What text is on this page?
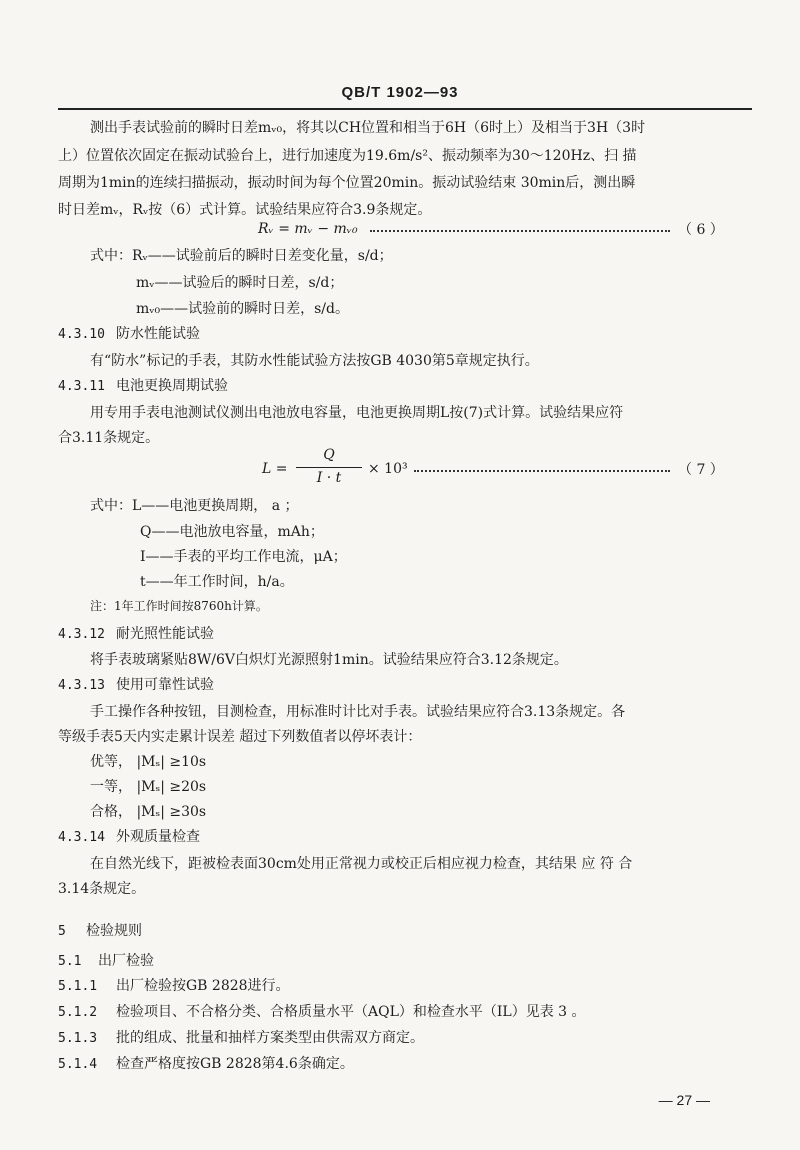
QB/T 1902—93
测出手表试验前的瞬时日差mᵥ₀，将其以CH位置和相当于6H（6时上）及相当于3H（3时
上）位置依次固定在振动试验台上，进行加速度为19.6m/s²、振动频率为30～120Hz、扫 描
周期为1min的连续扫描振动，振动时间为每个位置20min。振动试验结束 30min后，测出瞬
时日差mᵥ，Rᵥ按（6）式计算。试验结果应符合3.9条规定。
Rᵥ = mᵥ − mᵥ₀	（ 6 ）
式中：Rᵥ——试验前后的瞬时日差变化量，s/d；
mᵥ——试验后的瞬时日差，s/d；
mᵥ₀——试验前的瞬时日差，s/d。
4.3.10 防水性能试验
有“防水”标记的手表，其防水性能试验方法按GB 4030第5章规定执行。
4.3.11 电池更换周期试验
用专用手表电池测试仪测出电池放电容量，电池更换周期L按(7)式计算。试验结果应符
合3.11条规定。
L =
Q
I · t
× 10³	（ 7 ）
式中：L——电池更换周期， a ；
Q——电池放电容量，mAh；
I——手表的平均工作电流，μA；
t——年工作时间，h/a。
注：1年工作时间按8760h计算。
4.3.12 耐光照性能试验
将手表玻璃紧贴8W/6V白炽灯光源照射1min。试验结果应符合3.12条规定。
4.3.13 使用可靠性试验
手工操作各种按钮，目测检查，用标准时计比对手表。试验结果应符合3.13条规定。各
等级手表5天内实走累计误差 超过下列数值者以停坏表计：
优等， |Mₛ| ≥10s
一等， |Mₛ| ≥20s
合格， |Mₛ| ≥30s
4.3.14 外观质量检查
在自然光线下，距被检表面30cm处用正常视力或校正后相应视力检查，其结果 应 符 合
3.14条规定。
5 检验规则
5.1 出厂检验
5.1.1 出厂检验按GB 2828进行。
5.1.2 检验项目、不合格分类、合格质量水平（AQL）和检查水平（IL）见表 3 。
5.1.3 批的组成、批量和抽样方案类型由供需双方商定。
5.1.4 检查严格度按GB 2828第4.6条确定。
— 27 —
